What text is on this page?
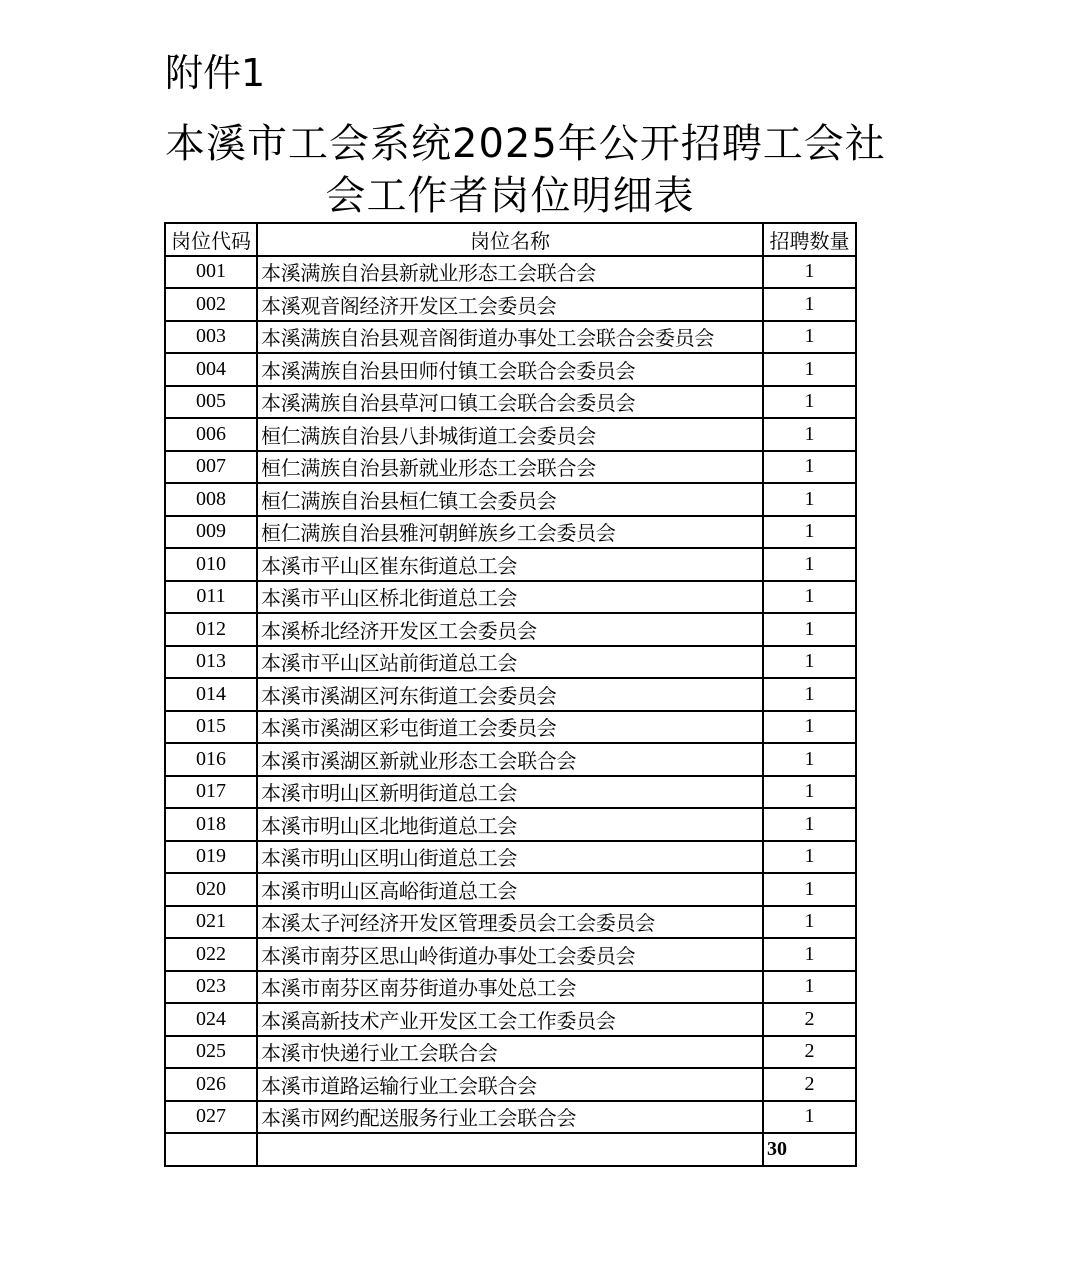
附件1
本溪市工会系统2025年公开招聘工会社
会工作者岗位明细表
岗位代码	岗位名称	招聘数量
001	本溪满族自治县新就业形态工会联合会	1
002	本溪观音阁经济开发区工会委员会	1
003	本溪满族自治县观音阁街道办事处工会联合会委员会	1
004	本溪满族自治县田师付镇工会联合会委员会	1
005	本溪满族自治县草河口镇工会联合会委员会	1
006	桓仁满族自治县八卦城街道工会委员会	1
007	桓仁满族自治县新就业形态工会联合会	1
008	桓仁满族自治县桓仁镇工会委员会	1
009	桓仁满族自治县雅河朝鲜族乡工会委员会	1
010	本溪市平山区崔东街道总工会	1
011	本溪市平山区桥北街道总工会	1
012	本溪桥北经济开发区工会委员会	1
013	本溪市平山区站前街道总工会	1
014	本溪市溪湖区河东街道工会委员会	1
015	本溪市溪湖区彩屯街道工会委员会	1
016	本溪市溪湖区新就业形态工会联合会	1
017	本溪市明山区新明街道总工会	1
018	本溪市明山区北地街道总工会	1
019	本溪市明山区明山街道总工会	1
020	本溪市明山区高峪街道总工会	1
021	本溪太子河经济开发区管理委员会工会委员会	1
022	本溪市南芬区思山岭街道办事处工会委员会	1
023	本溪市南芬区南芬街道办事处总工会	1
024	本溪高新技术产业开发区工会工作委员会	2
025	本溪市快递行业工会联合会	2
026	本溪市道路运输行业工会联合会	2
027	本溪市网约配送服务行业工会联合会	1
		30
